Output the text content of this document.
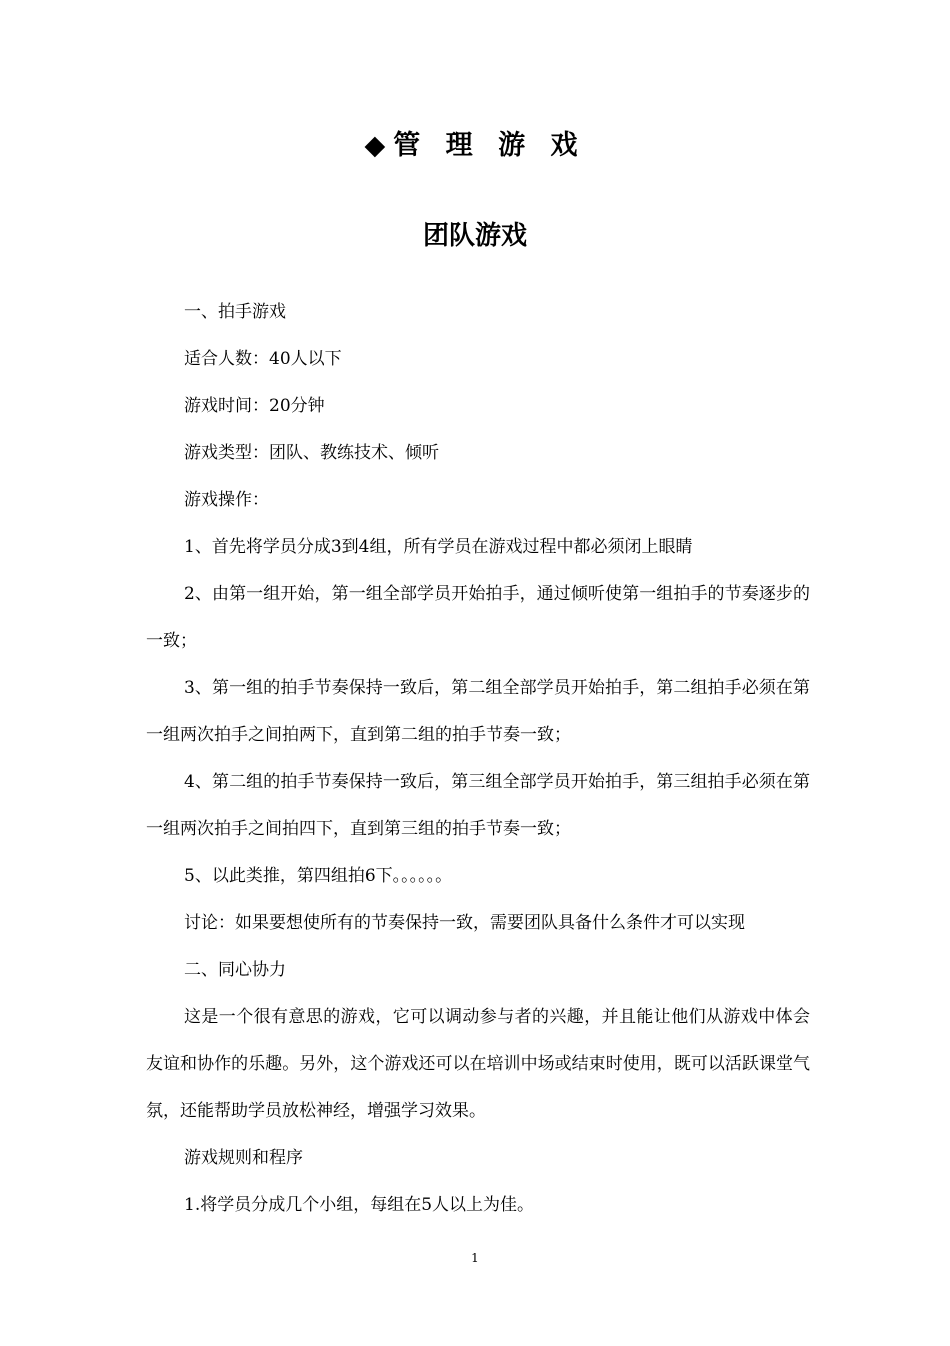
◆管 理 游 戏
团队游戏

一、拍手游戏

适合人数：40人以下

游戏时间：20分钟

游戏类型：团队、教练技术、倾听

游戏操作：

1、首先将学员分成3到4组，所有学员在游戏过程中都必须闭上眼睛

2、由第一组开始，第一组全部学员开始拍手，通过倾听使第一组拍手的节奏逐步的一致；

3、第一组的拍手节奏保持一致后，第二组全部学员开始拍手，第二组拍手必须在第一组两次拍手之间拍两下，直到第二组的拍手节奏一致；

4、第二组的拍手节奏保持一致后，第三组全部学员开始拍手，第三组拍手必须在第一组两次拍手之间拍四下，直到第三组的拍手节奏一致；

5、以此类推，第四组拍6下。。。。。。

讨论：如果要想使所有的节奏保持一致，需要团队具备什么条件才可以实现

二、同心协力

这是一个很有意思的游戏，它可以调动参与者的兴趣，并且能让他们从游戏中体会友谊和协作的乐趣。另外，这个游戏还可以在培训中场或结束时使用，既可以活跃课堂气氛，还能帮助学员放松神经，增强学习效果。

游戏规则和程序

1.将学员分成几个小组，每组在5人以上为佳。

1
